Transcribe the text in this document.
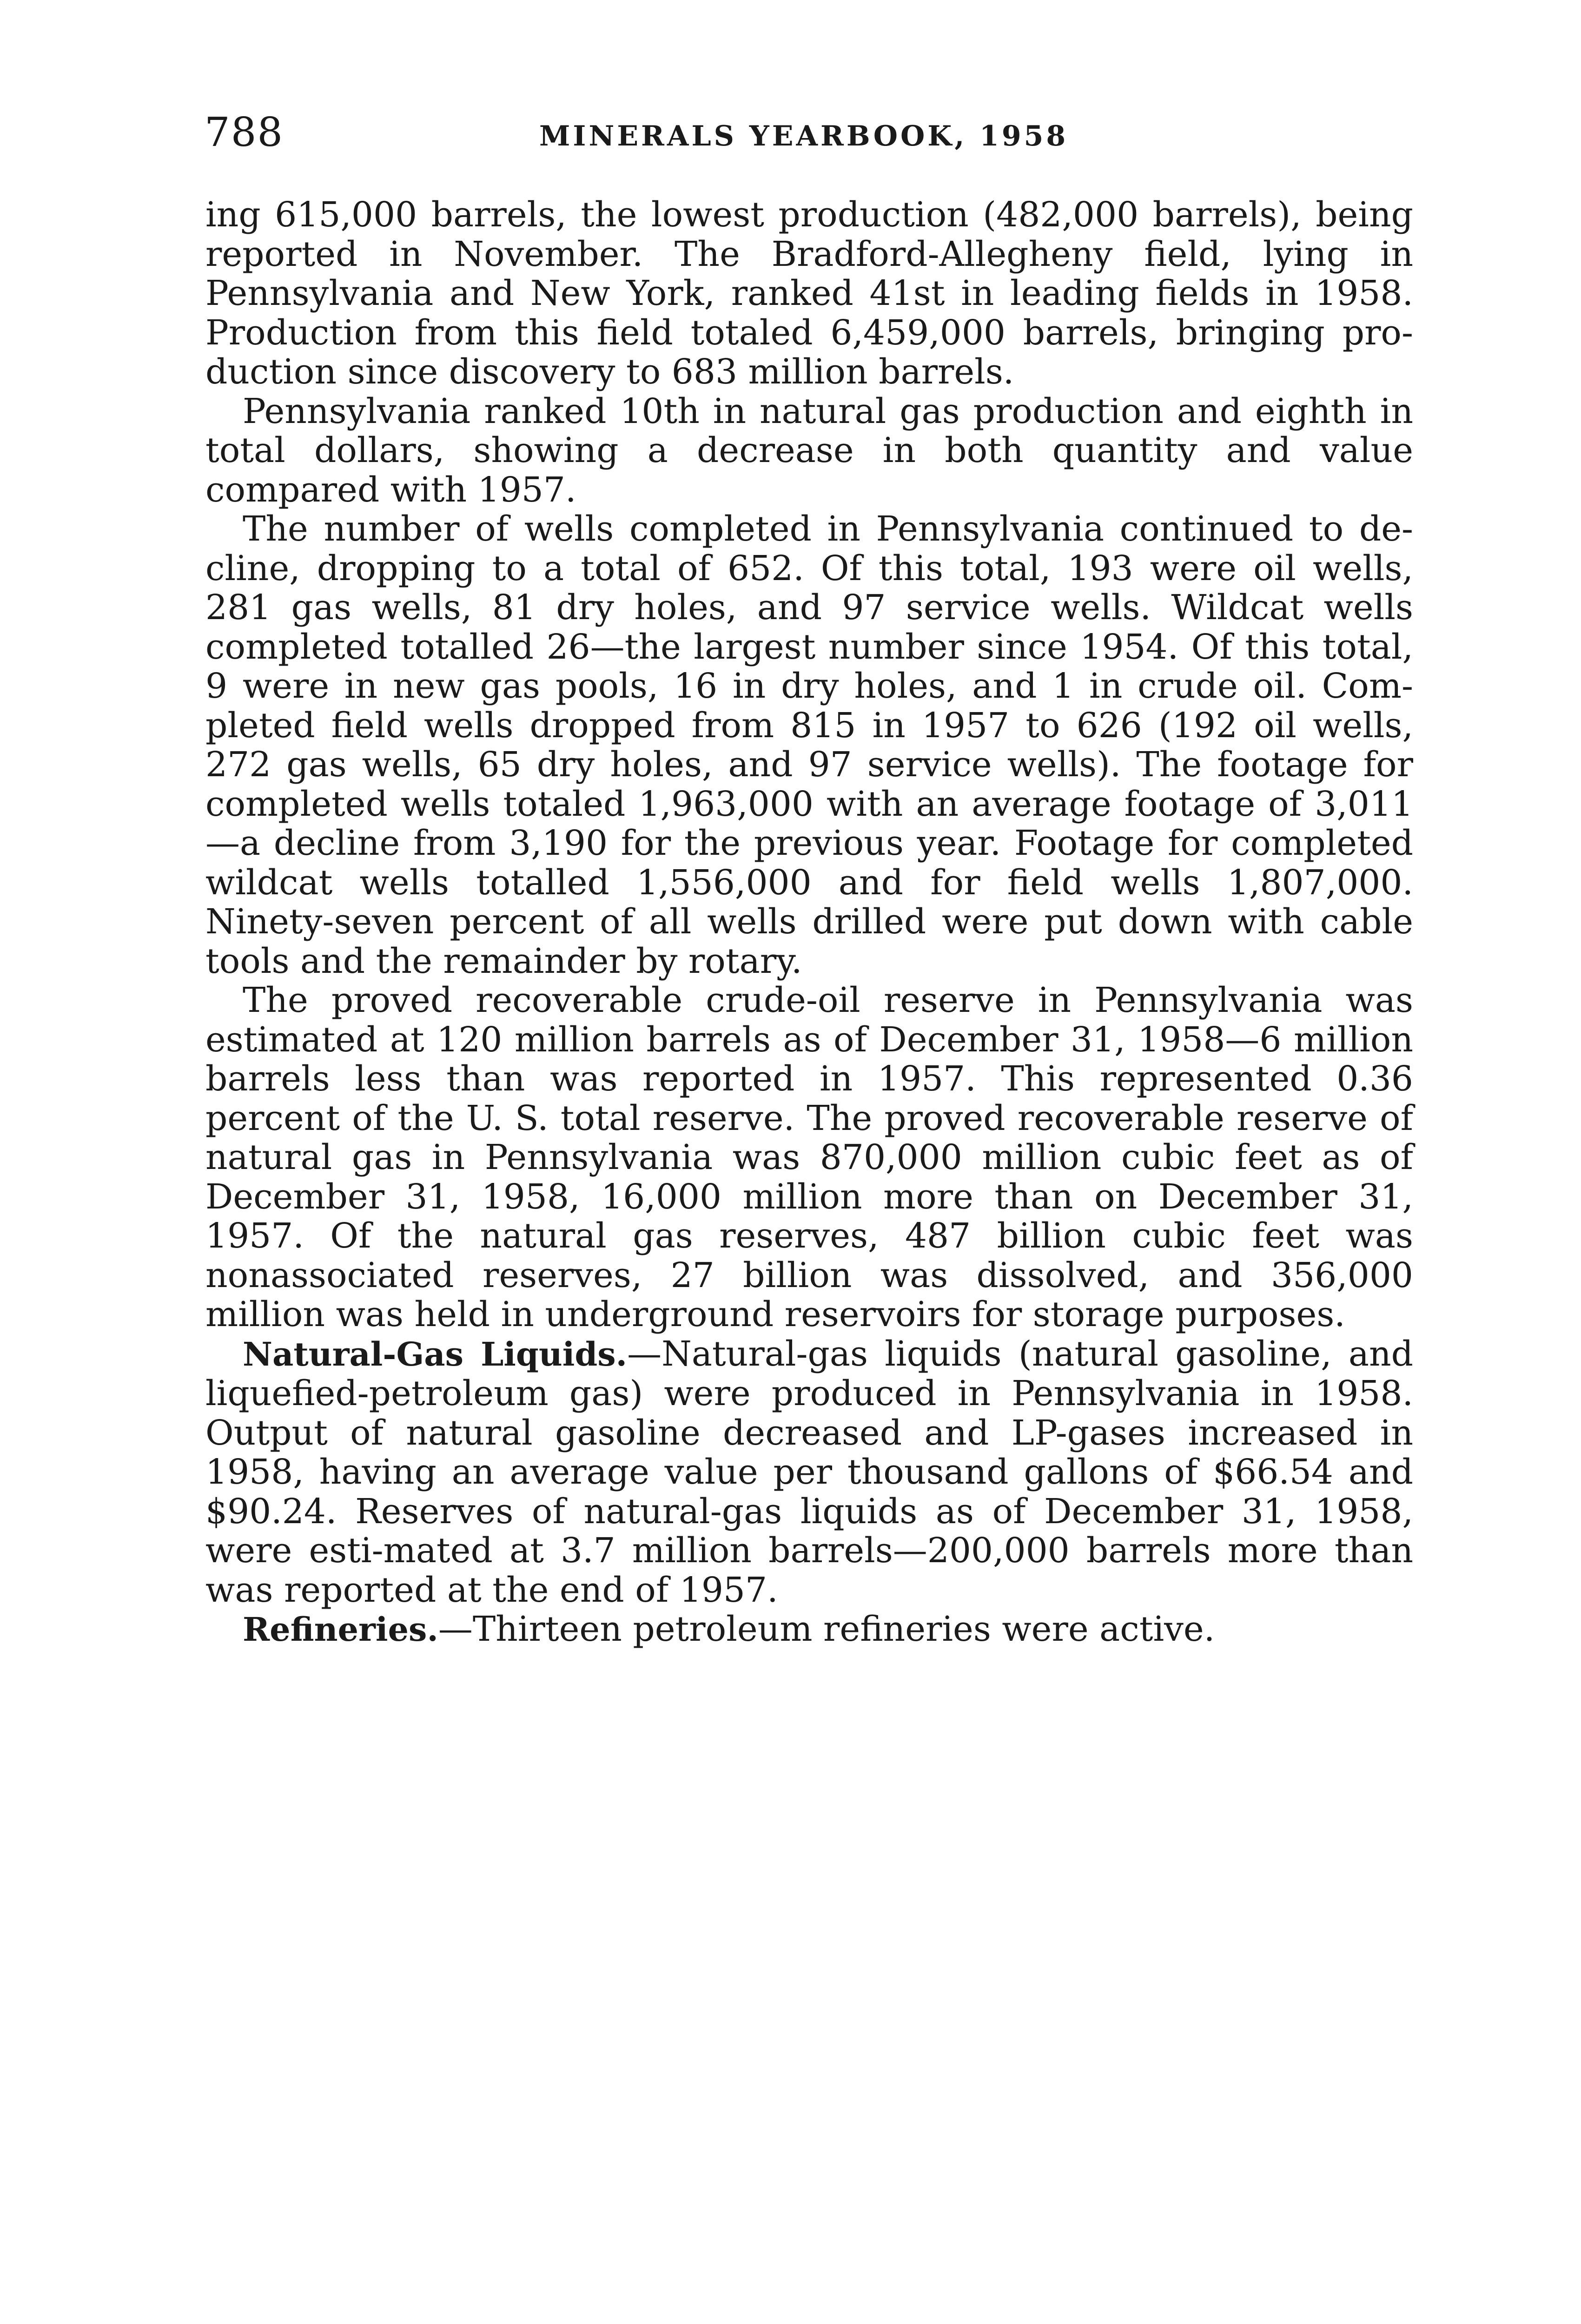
788	MINERALS YEARBOOK, 1958

ing 615,000 barrels, the lowest production (482,000 barrels), being reported in November. The Bradford-Allegheny field, lying in Pennsylvania and New York, ranked 41st in leading fields in 1958. Production from this field totaled 6,459,000 barrels, bringing pro-duction since discovery to 683 million barrels.

Pennsylvania ranked 10th in natural gas production and eighth in total dollars, showing a decrease in both quantity and value compared with 1957.

The number of wells completed in Pennsylvania continued to de-cline, dropping to a total of 652. Of this total, 193 were oil wells, 281 gas wells, 81 dry holes, and 97 service wells. Wildcat wells completed totalled 26—the largest number since 1954. Of this total, 9 were in new gas pools, 16 in dry holes, and 1 in crude oil. Com-pleted field wells dropped from 815 in 1957 to 626 (192 oil wells, 272 gas wells, 65 dry holes, and 97 service wells). The footage for completed wells totaled 1,963,000 with an average footage of 3,011—a decline from 3,190 for the previous year. Footage for completed wildcat wells totalled 1,556,000 and for field wells 1,807,000. Ninety-seven percent of all wells drilled were put down with cable tools and the remainder by rotary.

The proved recoverable crude-oil reserve in Pennsylvania was estimated at 120 million barrels as of December 31, 1958—6 million barrels less than was reported in 1957. This represented 0.36 percent of the U. S. total reserve. The proved recoverable reserve of natural gas in Pennsylvania was 870,000 million cubic feet as of December 31, 1958, 16,000 million more than on December 31, 1957. Of the natural gas reserves, 487 billion cubic feet was nonassociated reserves, 27 billion was dissolved, and 356,000 million was held in underground reservoirs for storage purposes.

Natural-Gas Liquids.—Natural-gas liquids (natural gasoline, and liquefied-petroleum gas) were produced in Pennsylvania in 1958. Output of natural gasoline decreased and LP-gases increased in 1958, having an average value per thousand gallons of $66.54 and $90.24. Reserves of natural-gas liquids as of December 31, 1958, were esti-mated at 3.7 million barrels—200,000 barrels more than was reported at the end of 1957.

Refineries.—Thirteen petroleum refineries were active.
